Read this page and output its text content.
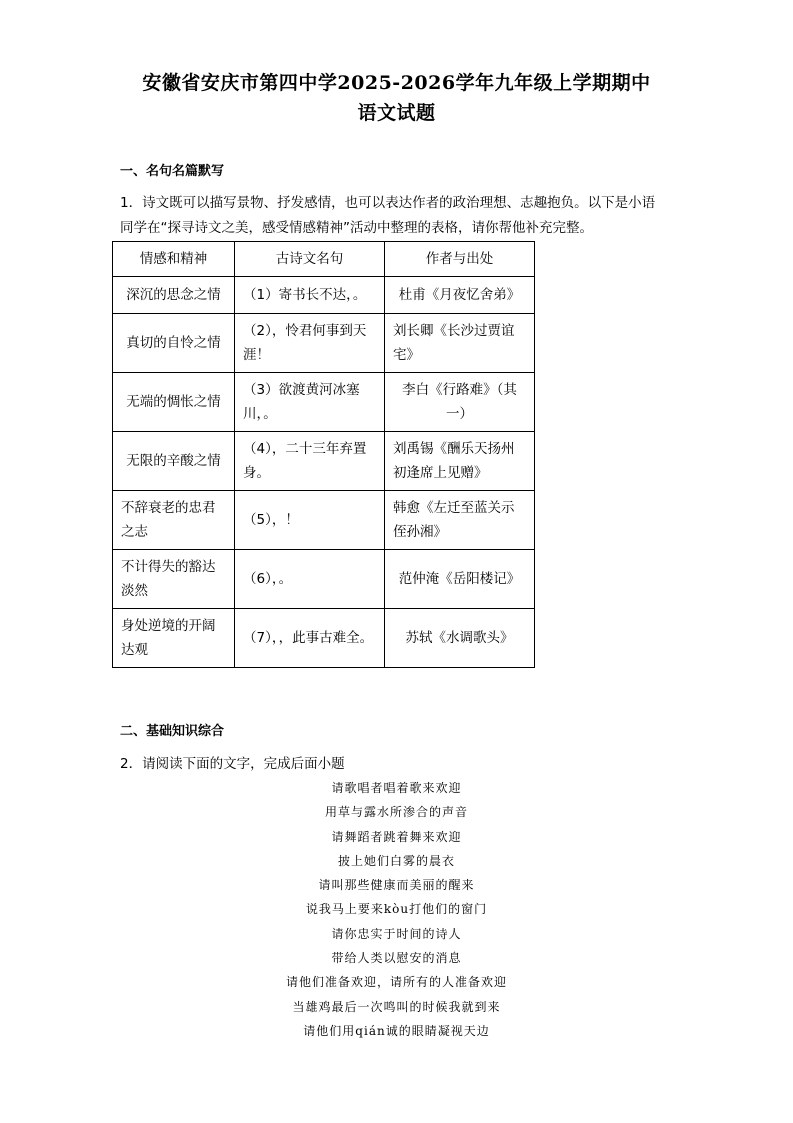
安徽省安庆市第四中学2025-2026学年九年级上学期期中
语文试题
一、名句名篇默写
1．诗文既可以描写景物、抒发感情，也可以表达作者的政治理想、志趣抱负。以下是小语同学在“探寻诗文之美，感受情感精神”活动中整理的表格，请你帮他补充完整。
情感和精神	古诗文名句	作者与出处
深沉的思念之情	（1）寄书长不达，。	杜甫《月夜忆舍弟》
真切的自怜之情	（2），怜君何事到天涯！	刘长卿《长沙过贾谊宅》
无端的惆怅之情	（3）欲渡黄河冰塞川，。	李白《行路难》（其一）
无限的辛酸之情	（4），二十三年弃置身。	刘禹锡《酬乐天扬州初逢席上见赠》
不辞衰老的忠君之志	（5），！	韩愈《左迁至蓝关示侄孙湘》
不计得失的豁达淡然	（6），。	范仲淹《岳阳楼记》
身处逆境的开阔达观	（7），，此事古难全。	苏轼《水调歌头》
二、基础知识综合
2．请阅读下面的文字，完成后面小题
请歌唱者唱着歌来欢迎
用草与露水所渗合的声音
请舞蹈者跳着舞来欢迎
披上她们白雾的晨衣
请叫那些健康而美丽的醒来
说我马上要来kòu打他们的窗门
请你忠实于时间的诗人
带给人类以慰安的消息
请他们准备欢迎，请所有的人准备欢迎
当雄鸡最后一次鸣叫的时候我就到来
请他们用qián诚的眼睛凝视天边
